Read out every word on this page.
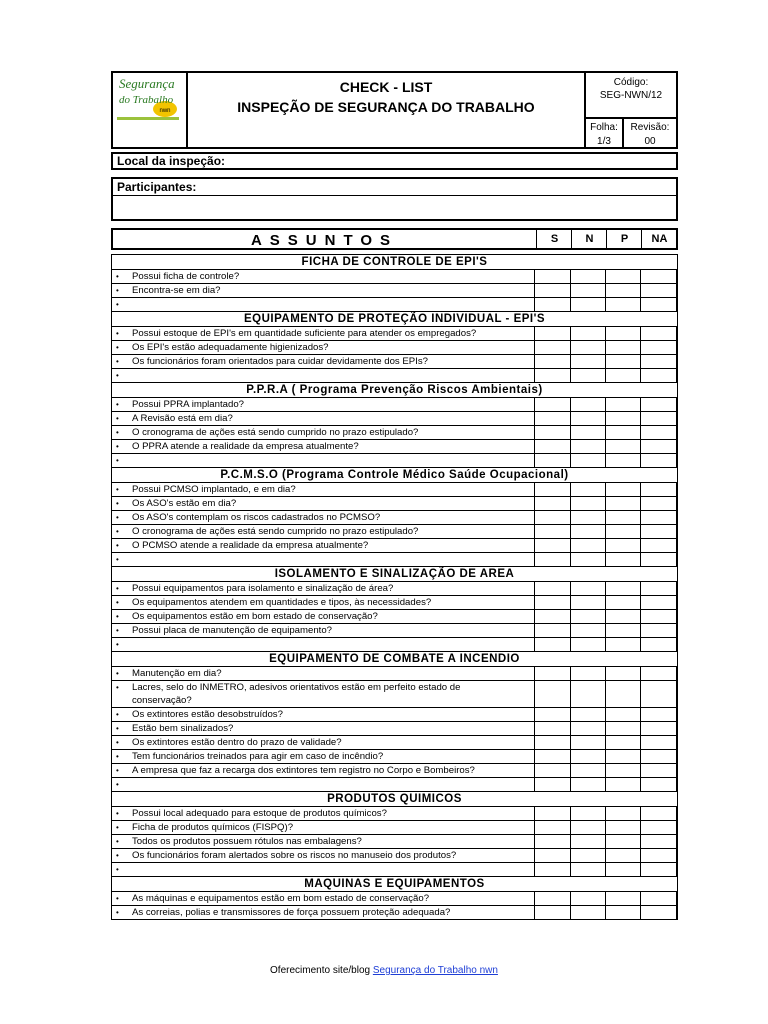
Segurança
do Trabalho
nwn
CHECK - LIST
INSPEÇÃO DE SEGURANÇA DO TRABALHO
Código:
SEG-NWN/12
Folha:
1/3
Revisão:
00
Local da inspeção:
Participantes:
ASSUNTOS	S	N	P	NA
FICHA DE CONTROLE DE EPI'S
• Possui ficha de controle?
• Encontra-se em dia?
•
EQUIPAMENTO DE PROTEÇÃO INDIVIDUAL - EPI'S
• Possui estoque de EPI's em quantidade suficiente para atender os empregados?
• Os EPI's estão adequadamente higienizados?
• Os funcionários foram orientados para cuidar devidamente dos EPIs?
•
P.P.R.A ( Programa Prevenção Riscos Ambientais)
• Possui PPRA implantado?
• A Revisão está em dia?
• O cronograma de ações está sendo cumprido no prazo estipulado?
• O PPRA atende a realidade da empresa atualmente?
•
P.C.M.S.O (Programa Controle Médico Saúde Ocupacional)
• Possui PCMSO implantado, e em dia?
• Os ASO's estão em dia?
• Os ASO's contemplam os riscos cadastrados no PCMSO?
• O cronograma de ações está sendo cumprido no prazo estipulado?
• O PCMSO atende a realidade da empresa atualmente?
•
ISOLAMENTO E SINALIZAÇÃO DE AREA
• Possui equipamentos para isolamento e sinalização de área?
• Os equipamentos atendem em quantidades e tipos, às necessidades?
• Os equipamentos estão em bom estado de conservação?
• Possui placa de manutenção de equipamento?
•
EQUIPAMENTO DE COMBATE A INCENDIO
• Manutenção em dia?
• Lacres, selo do INMETRO, adesivos orientativos estão em perfeito estado de conservação?
• Os extintores estão desobstruídos?
• Estão bem sinalizados?
• Os extintores estão dentro do prazo de validade?
• Tem funcionários treinados para agir em caso de incêndio?
• A empresa que faz a recarga dos extintores tem registro no Corpo e Bombeiros?
•
PRODUTOS QUIMICOS
• Possui local adequado para estoque de produtos químicos?
• Ficha de produtos químicos (FISPQ)?
• Todos os produtos possuem rótulos nas embalagens?
• Os funcionários foram alertados sobre os riscos no manuseio dos produtos?
•
MAQUINAS E EQUIPAMENTOS
• As máquinas e equipamentos estão em bom estado de conservação?
• As correias, polias e transmissores de força possuem proteção adequada?
Oferecimento site/blog Segurança do Trabalho nwn
